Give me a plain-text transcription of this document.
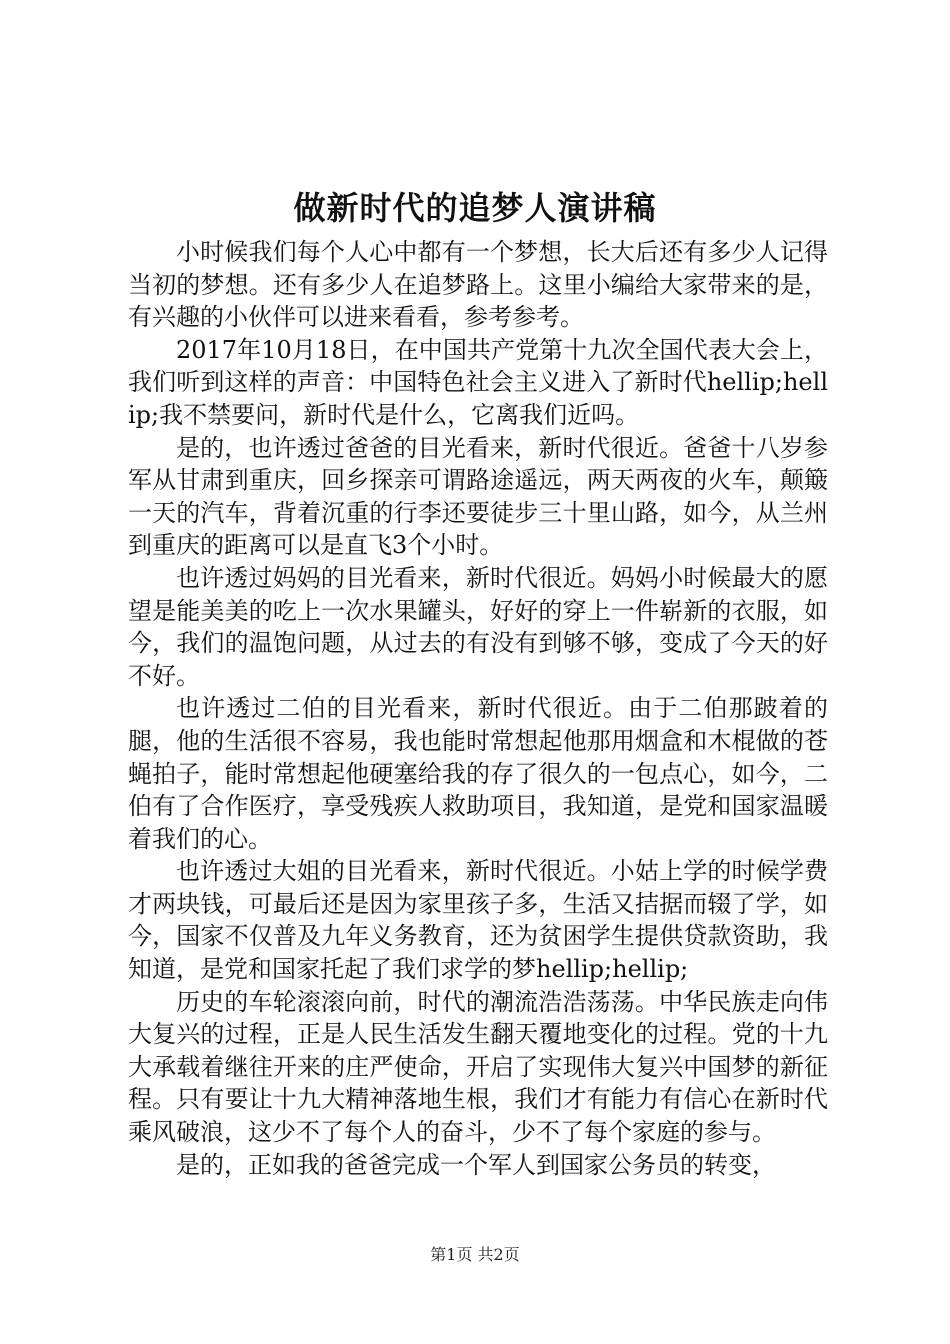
做新时代的追梦人演讲稿

小时候我们每个人心中都有一个梦想，长大后还有多少人记得当初的梦想。还有多少人在追梦路上。这里小编给大家带来的是，有兴趣的小伙伴可以进来看看，参考参考。

2017年10月18日，在中国共产党第十九次全国代表大会上，我们听到这样的声音：中国特色社会主义进入了新时代hellip;hellip;我不禁要问，新时代是什么，它离我们近吗。

是的，也许透过爸爸的目光看来，新时代很近。爸爸十八岁参军从甘肃到重庆，回乡探亲可谓路途遥远，两天两夜的火车，颠簸一天的汽车，背着沉重的行李还要徒步三十里山路，如今，从兰州到重庆的距离可以是直飞3个小时。

也许透过妈妈的目光看来，新时代很近。妈妈小时候最大的愿望是能美美的吃上一次水果罐头，好好的穿上一件崭新的衣服，如今，我们的温饱问题，从过去的有没有到够不够，变成了今天的好不好。

也许透过二伯的目光看来，新时代很近。由于二伯那跛着的腿，他的生活很不容易，我也能时常想起他那用烟盒和木棍做的苍蝇拍子，能时常想起他硬塞给我的存了很久的一包点心，如今，二伯有了合作医疗，享受残疾人救助项目，我知道，是党和国家温暖着我们的心。

也许透过大姐的目光看来，新时代很近。小姑上学的时候学费才两块钱，可最后还是因为家里孩子多，生活又拮据而辍了学，如今，国家不仅普及九年义务教育，还为贫困学生提供贷款资助，我知道，是党和国家托起了我们求学的梦hellip;hellip;

历史的车轮滚滚向前，时代的潮流浩浩荡荡。中华民族走向伟大复兴的过程，正是人民生活发生翻天覆地变化的过程。党的十九大承载着继往开来的庄严使命，开启了实现伟大复兴中国梦的新征程。只有要让十九大精神落地生根，我们才有能力有信心在新时代乘风破浪，这少不了每个人的奋斗，少不了每个家庭的参与。

是的，正如我的爸爸完成一个军人到国家公务员的转变，

第1页 共2页
